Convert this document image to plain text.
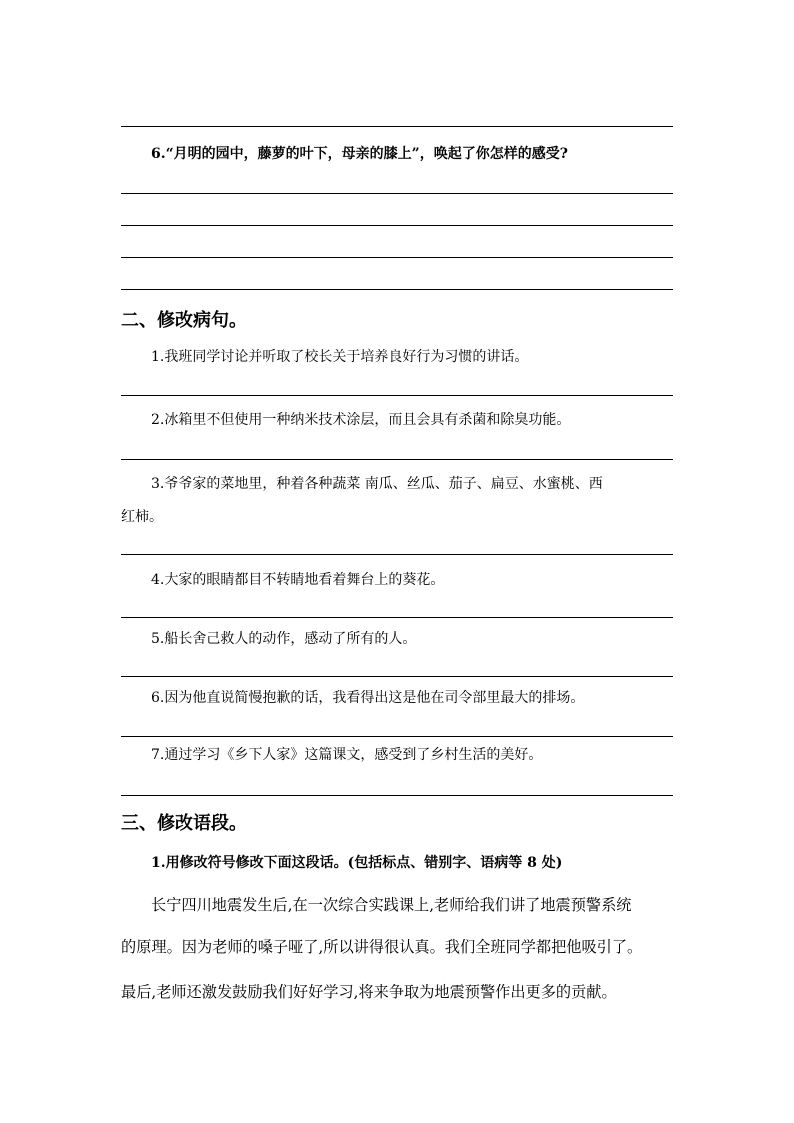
6.“月明的园中，藤萝的叶下，母亲的膝上”，唤起了你怎样的感受?
二、修改病句。
1.我班同学讨论并听取了校长关于培养良好行为习惯的讲话。
2.冰箱里不但使用一种纳米技术涂层，而且会具有杀菌和除臭功能。
3.爷爷家的菜地里，种着各种蔬菜 南瓜、丝瓜、茄子、扁豆、水蜜桃、西
红柿。
4.大家的眼睛都目不转睛地看着舞台上的葵花。
5.船长舍己救人的动作，感动了所有的人。
6.因为他直说简慢抱歉的话，我看得出这是他在司令部里最大的排场。
7.通过学习《乡下人家》这篇课文，感受到了乡村生活的美好。
三、修改语段。
1.用修改符号修改下面这段话。(包括标点、错别字、语病等 8 处)
长宁四川地震发生后,在一次综合实践课上,老师给我们讲了地震预警系统
的原理。因为老师的嗓子哑了,所以讲得很认真。我们全班同学都把他吸引了。
最后,老师还激发鼓励我们好好学习,将来争取为地震预警作出更多的贡献。
